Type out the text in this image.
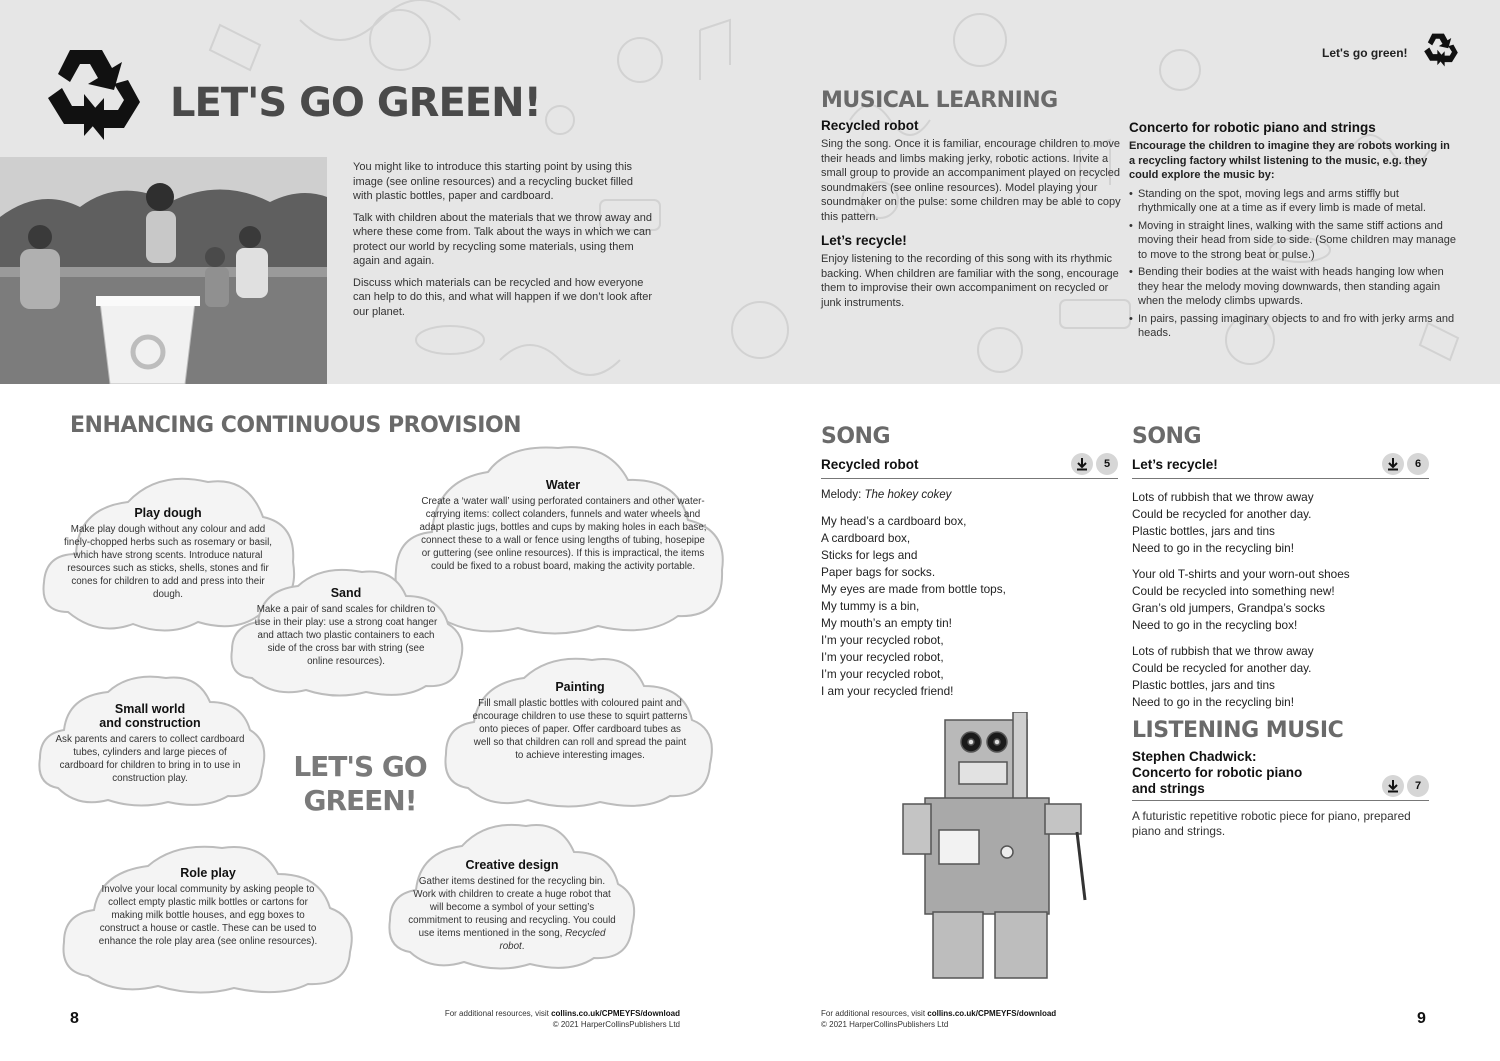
LET'S GO GREEN!

You might like to introduce this starting point by using this image (see online resources) and a recycling bucket filled with plastic bottles, paper and cardboard.

Talk with children about the materials that we throw away and where these come from. Talk about the ways in which we can protect our world by recycling some materials, using them again and again.

Discuss which materials can be recycled and how everyone can help to do this, and what will happen if we don’t look after our planet.

Let's go green!
MUSICAL LEARNING
Recycled robot
Sing the song. Once it is familiar, encourage children to move their heads and limbs making jerky, robotic actions. Invite a small group to provide an accompaniment played on recycled soundmakers (see online resources). Model playing your soundmaker on the pulse: some children may be able to copy this pattern.
Let’s recycle!
Enjoy listening to the recording of this song with its rhythmic backing. When children are familiar with the song, encourage them to improvise their own accompaniment on recycled or junk instruments.
Concerto for robotic piano and strings
Encourage the children to imagine they are robots working in a recycling factory whilst listening to the music, e.g. they could explore the music by:
• Standing on the spot, moving legs and arms stiffly but rhythmically one at a time as if every limb is made of metal.
• Moving in straight lines, walking with the same stiff actions and moving their head from side to side. (Some children may manage to move to the strong beat or pulse.)
• Bending their bodies at the waist with heads hanging low when they hear the melody moving downwards, then standing again when the melody climbs upwards.
• In pairs, passing imaginary objects to and fro with jerky arms and heads.
ENHANCING CONTINUOUS PROVISION
Play dough
Make play dough without any colour and add finely-chopped herbs such as rosemary or basil, which have strong scents. Introduce natural resources such as sticks, shells, stones and fir cones for children to add and press into their dough.
Water
Create a ‘water wall’ using perforated containers and other water-carrying items: collect colanders, funnels and water wheels and adapt plastic jugs, bottles and cups by making holes in each base; connect these to a wall or fence using lengths of tubing, hosepipe or guttering (see online resources). If this is impractical, the items could be fixed to a robust board, making the activity portable.
Sand
Make a pair of sand scales for children to use in their play: use a strong coat hanger and attach two plastic containers to each side of the cross bar with string (see online resources).
Small world
and construction
Ask parents and carers to collect cardboard tubes, cylinders and large pieces of cardboard for children to bring in to use in construction play.
Painting
Fill small plastic bottles with coloured paint and encourage children to use these to squirt patterns onto pieces of paper. Offer cardboard tubes as well so that children can roll and spread the paint to achieve interesting images.
LET'S GO
GREEN!
Role play
Involve your local community by asking people to collect empty plastic milk bottles or cartons for making milk bottle houses, and egg boxes to construct a house or castle. These can be used to enhance the role play area (see online resources).
Creative design
Gather items destined for the recycling bin. Work with children to create a huge robot that will become a symbol of your setting’s commitment to reusing and recycling. You could use items mentioned in the song, Recycled robot.
8	For additional resources, visit collins.co.uk/CPMEYFS/download
© 2021 HarperCollinsPublishers Ltd
SONG
Recycled robot	5
Melody: The hokey cokey
My head’s a cardboard box,
A cardboard box,
Sticks for legs and
Paper bags for socks.
My eyes are made from bottle tops,
My tummy is a bin,
My mouth’s an empty tin!
I’m your recycled robot,
I’m your recycled robot,
I’m your recycled robot,
I am your recycled friend!
SONG
Let’s recycle!	6
Lots of rubbish that we throw away
Could be recycled for another day.
Plastic bottles, jars and tins
Need to go in the recycling bin!
Your old T-shirts and your worn-out shoes
Could be recycled into something new!
Gran’s old jumpers, Grandpa’s socks
Need to go in the recycling box!
Lots of rubbish that we throw away
Could be recycled for another day.
Plastic bottles, jars and tins
Need to go in the recycling bin!
LISTENING MUSIC
Stephen Chadwick:
Concerto for robotic piano
and strings	7
A futuristic repetitive robotic piece for piano, prepared piano and strings.
For additional resources, visit collins.co.uk/CPMEYFS/download
© 2021 HarperCollinsPublishers Ltd	9
